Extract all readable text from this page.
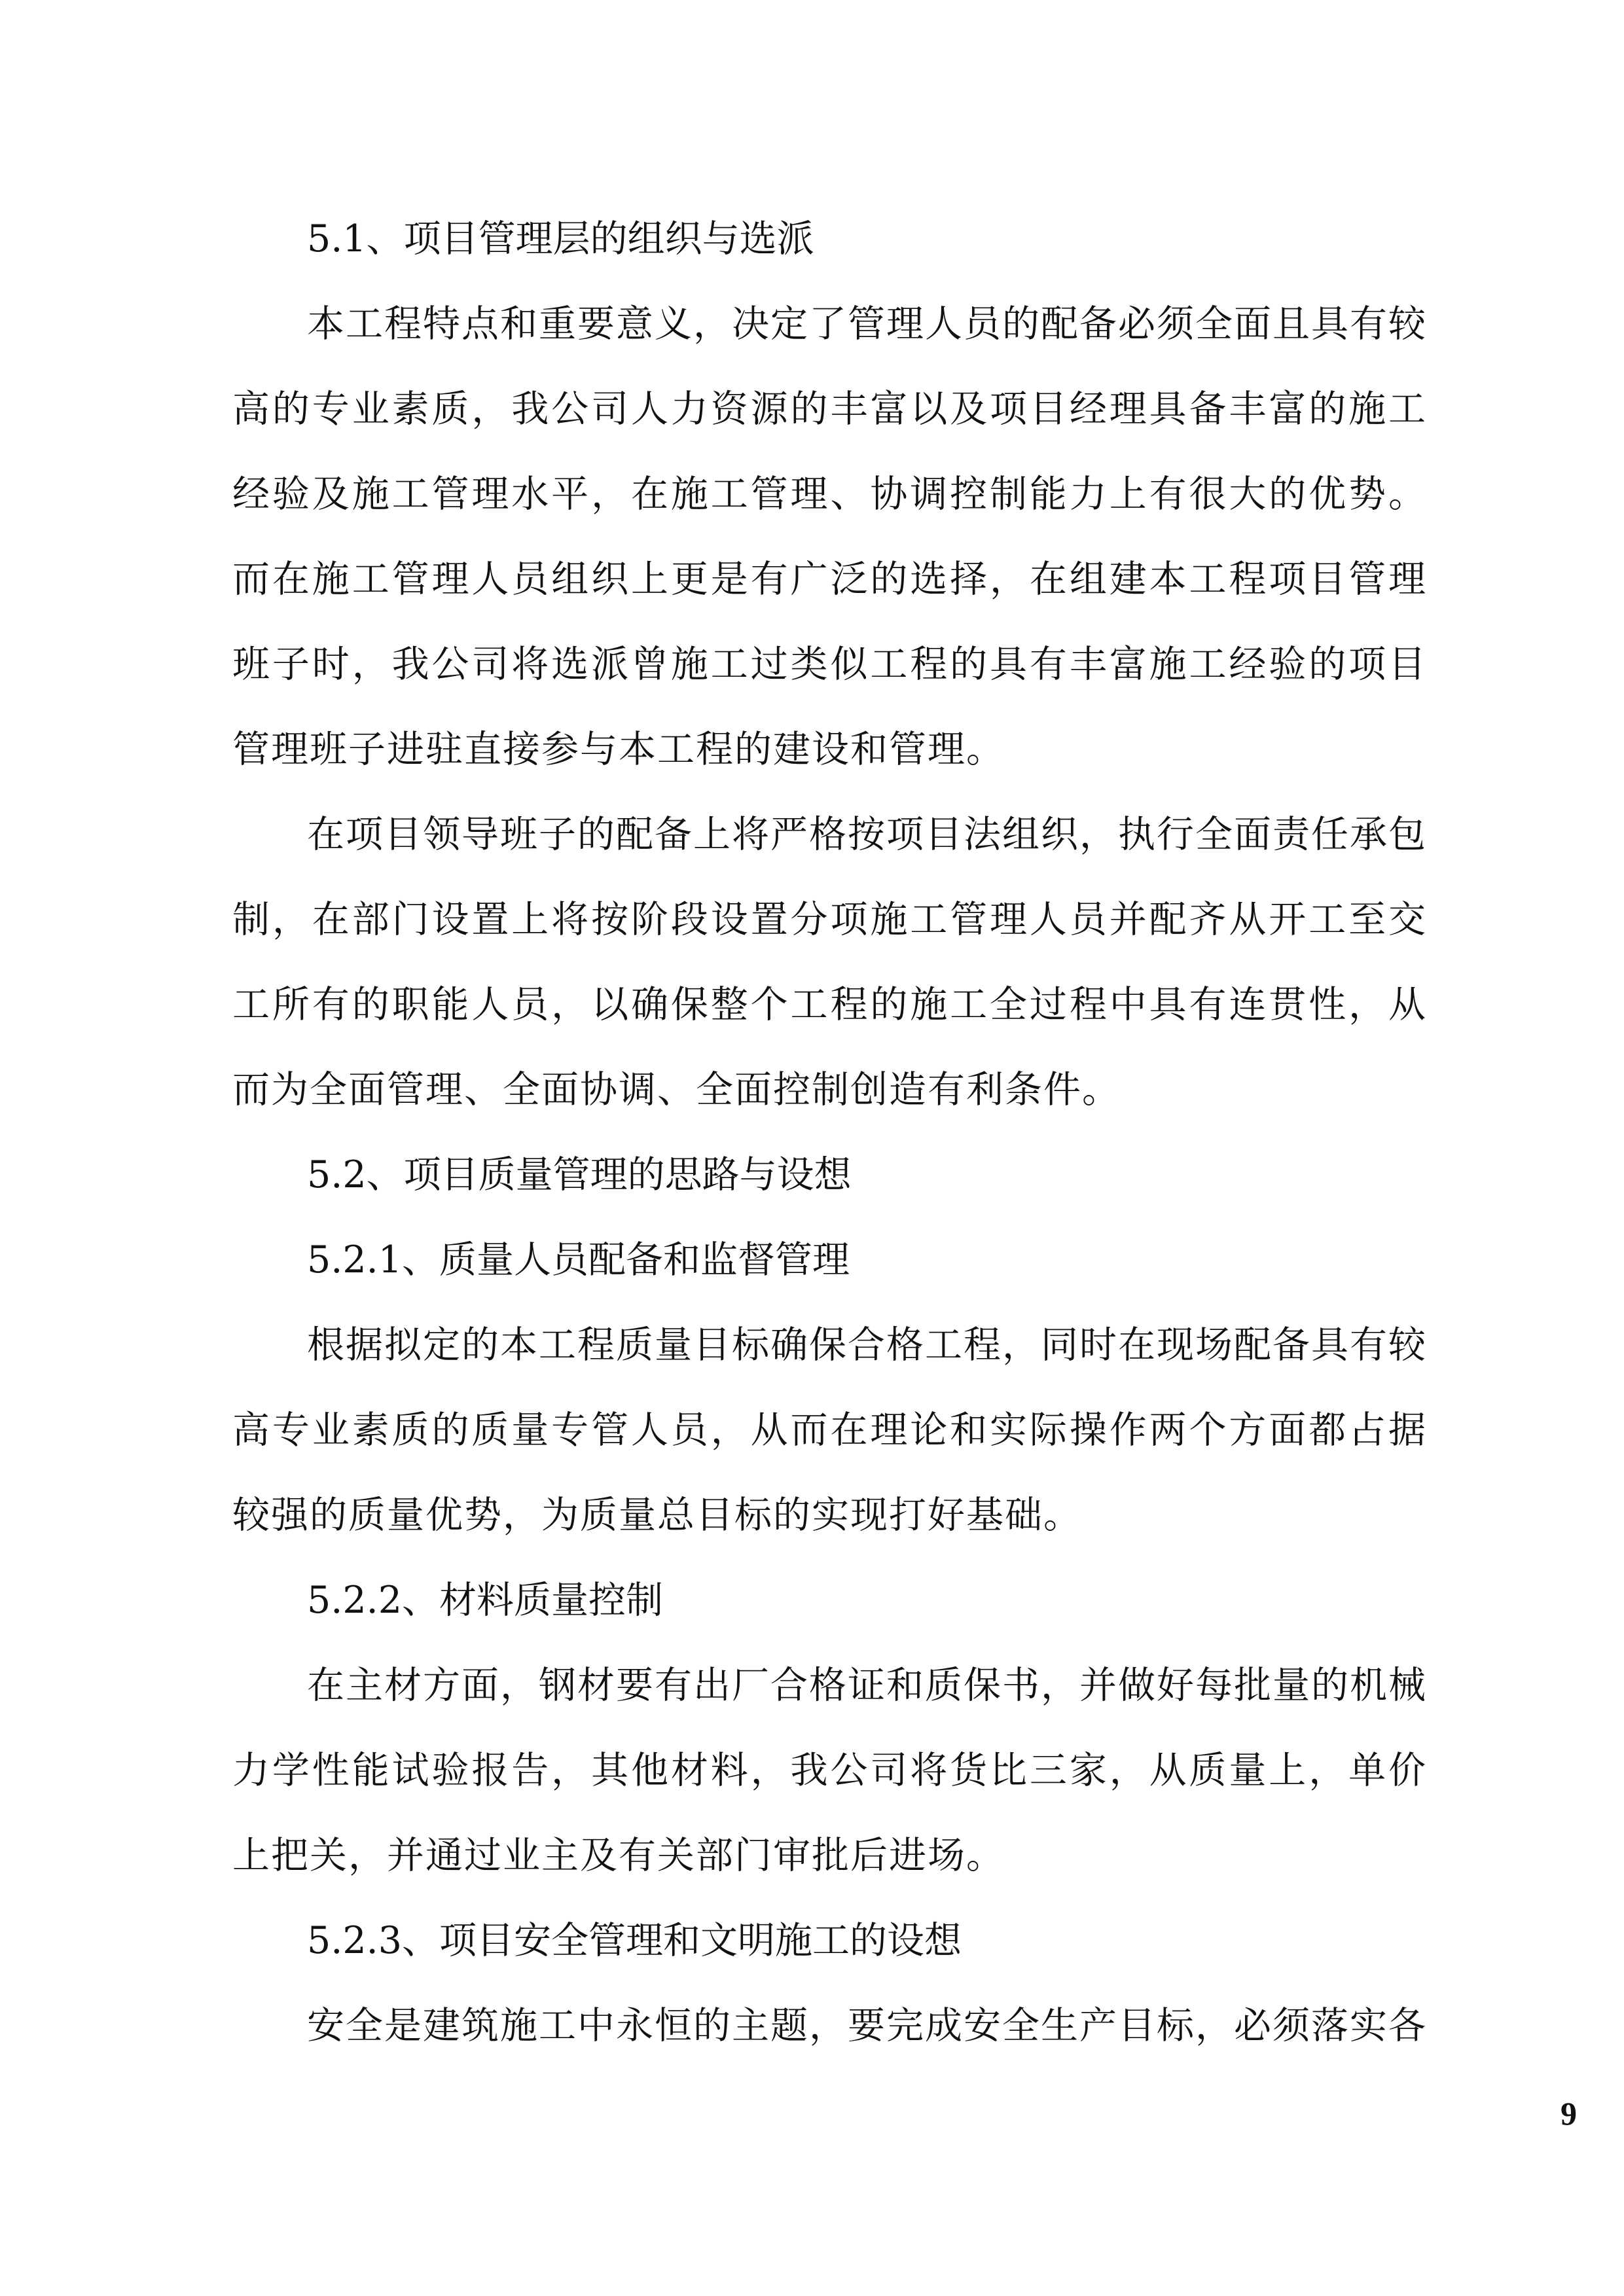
5.1、项目管理层的组织与选派

本工程特点和重要意义，决定了管理人员的配备必须全面且具有较高的专业素质，我公司人力资源的丰富以及项目经理具备丰富的施工经验及施工管理水平，在施工管理、协调控制能力上有很大的优势。而在施工管理人员组织上更是有广泛的选择，在组建本工程项目管理班子时，我公司将选派曾施工过类似工程的具有丰富施工经验的项目管理班子进驻直接参与本工程的建设和管理。

在项目领导班子的配备上将严格按项目法组织，执行全面责任承包制，在部门设置上将按阶段设置分项施工管理人员并配齐从开工至交工所有的职能人员，以确保整个工程的施工全过程中具有连贯性，从而为全面管理、全面协调、全面控制创造有利条件。

5.2、项目质量管理的思路与设想

5.2.1、质量人员配备和监督管理

根据拟定的本工程质量目标确保合格工程，同时在现场配备具有较高专业素质的质量专管人员，从而在理论和实际操作两个方面都占据较强的质量优势，为质量总目标的实现打好基础。

5.2.2、材料质量控制

在主材方面，钢材要有出厂合格证和质保书，并做好每批量的机械力学性能试验报告，其他材料，我公司将货比三家，从质量上，单价上把关，并通过业主及有关部门审批后进场。

5.2.3、项目安全管理和文明施工的设想

安全是建筑施工中永恒的主题，要完成安全生产目标，必须落实各

9
